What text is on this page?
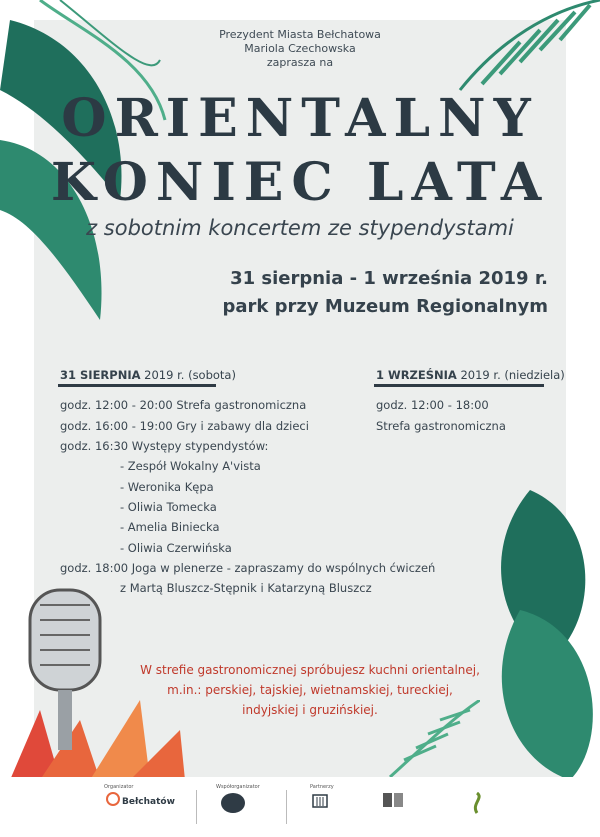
Prezydent Miasta Bełchatowa
Mariola Czechowska
zaprasza na
ORIENTALNY
KONIEC LATA
z sobotnim koncertem ze stypendystami
31 sierpnia - 1 września 2019 r.
park przy Muzeum Regionalnym
31 SIERPNIA 2019 r. (sobota)
godz. 12:00 - 20:00 Strefa gastronomiczna
godz. 16:00 - 19:00 Gry i zabawy dla dzieci
godz. 16:30 Występy stypendystów:
- Zespół Wokalny A'vista
- Weronika Kępa
- Oliwia Tomecka
- Amelia Biniecka
- Oliwia Czerwińska
godz. 18:00 Joga w plenerze - zapraszamy do wspólnych ćwiczeń
z Martą Bluszcz-Stępnik i Katarzyną Bluszcz
1 WRZEŚNIA 2019 r. (niedziela)
godz. 12:00 - 18:00
Strefa gastronomiczna
W strefie gastronomicznej spróbujesz kuchni orientalnej,
m.in.: perskiej, tajskiej, wietnamskiej, tureckiej,
indyjskiej i gruzińskiej.
Organizator
Bełchatów
Współorganizator	Partnerzy
